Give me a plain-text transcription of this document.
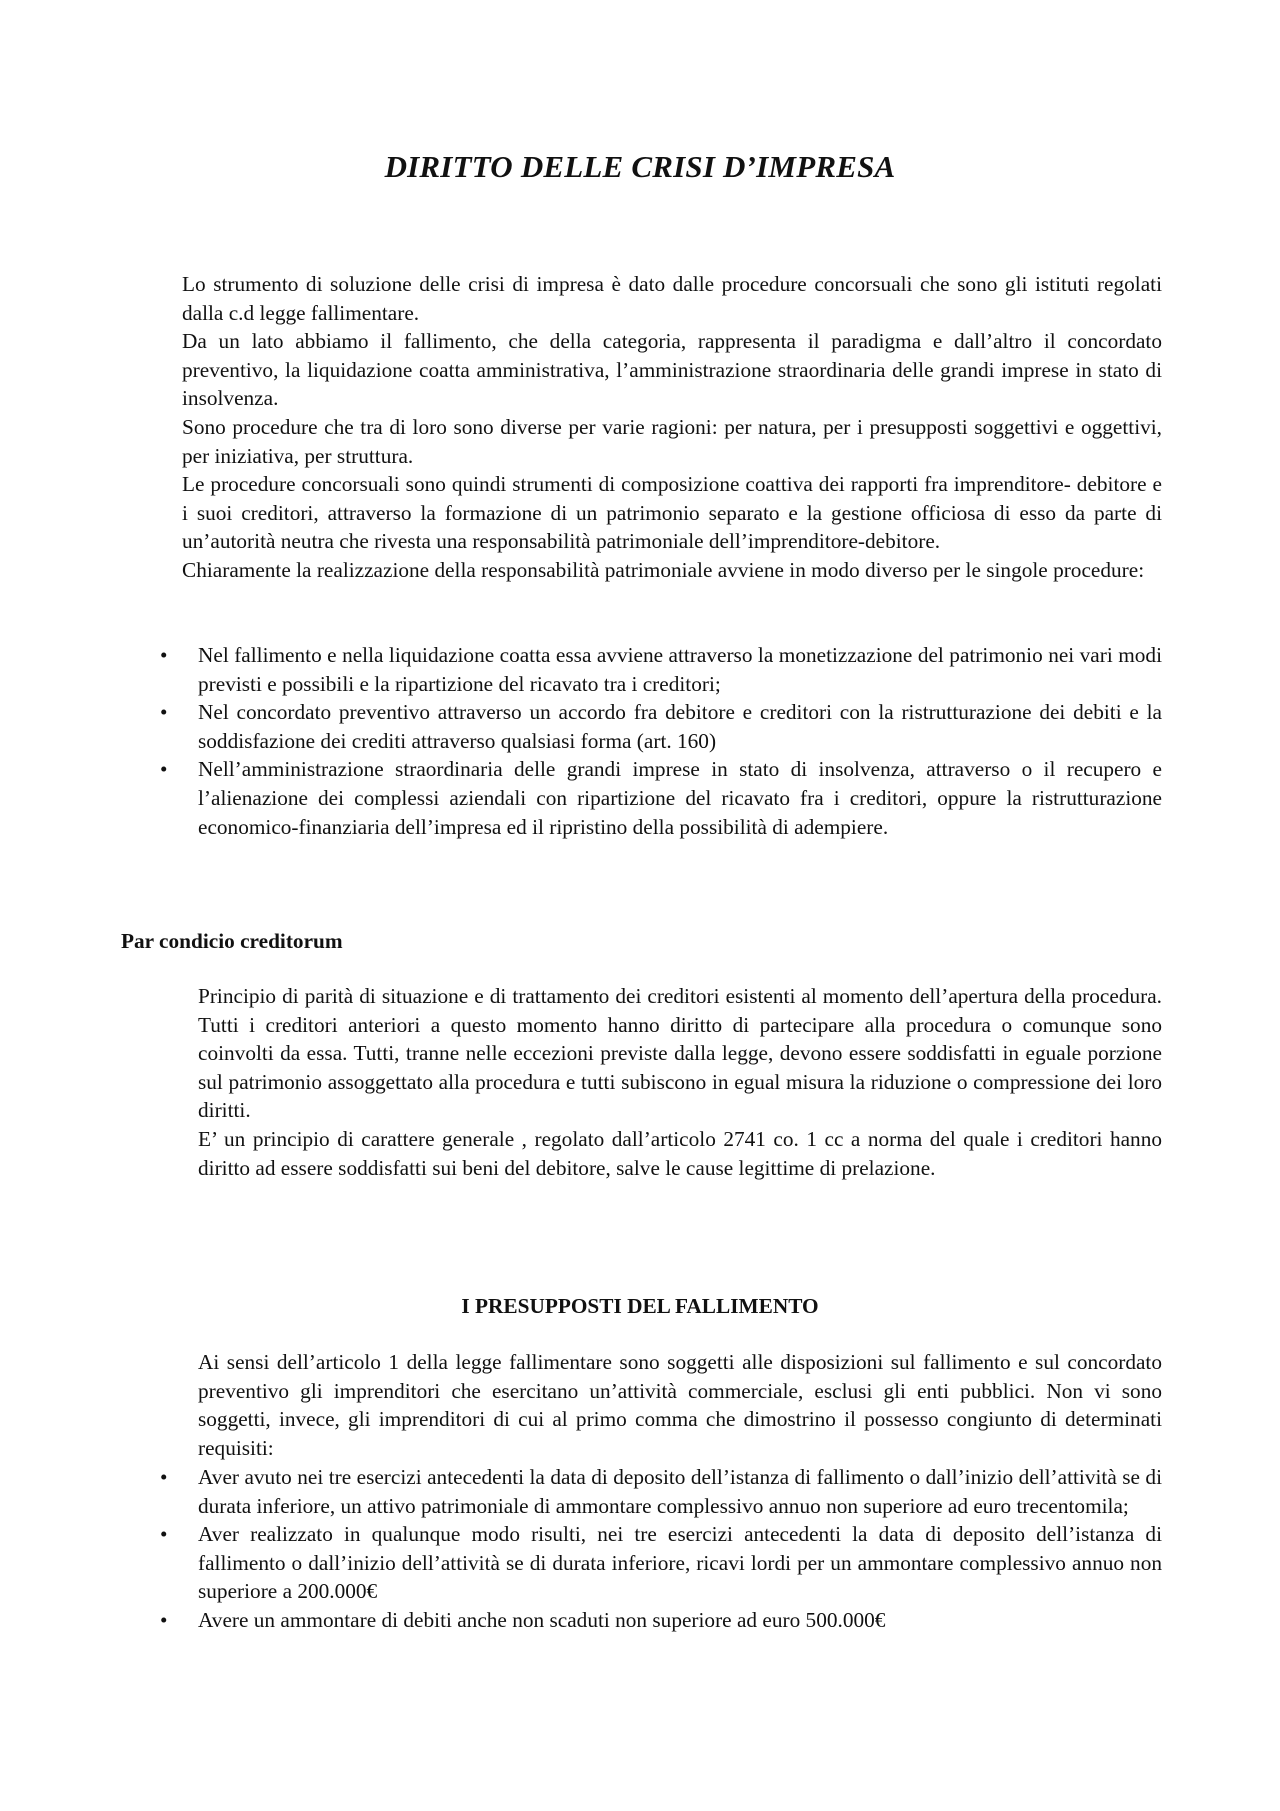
DIRITTO DELLE CRISI D’IMPRESA

Lo strumento di soluzione delle crisi di impresa è dato dalle procedure concorsuali che sono gli istituti regolati dalla c.d legge fallimentare.

Da un lato abbiamo il fallimento, che della categoria, rappresenta il paradigma e dall’altro il concordato preventivo, la liquidazione coatta amministrativa, l’amministrazione straordinaria delle grandi imprese in stato di insolvenza.

Sono procedure che tra di loro sono diverse per varie ragioni: per natura, per i presupposti soggettivi e oggettivi, per iniziativa, per struttura.

Le procedure concorsuali sono quindi strumenti di composizione coattiva dei rapporti fra imprenditore- debitore e i suoi creditori, attraverso la formazione di un patrimonio separato e la gestione officiosa di esso da parte di un’autorità neutra che rivesta una responsabilità patrimoniale dell’imprenditore-debitore.

Chiaramente la realizzazione della responsabilità patrimoniale avviene in modo diverso per le singole procedure:

• Nel fallimento e nella liquidazione coatta essa avviene attraverso la monetizzazione del patrimonio nei vari modi previsti e possibili e la ripartizione del ricavato tra i creditori;
• Nel concordato preventivo attraverso un accordo fra debitore e creditori con la ristrutturazione dei debiti e la soddisfazione dei crediti attraverso qualsiasi forma (art. 160)
• Nell’amministrazione straordinaria delle grandi imprese in stato di insolvenza, attraverso o il recupero e l’alienazione dei complessi aziendali con ripartizione del ricavato fra i creditori, oppure la ristrutturazione economico-finanziaria dell’impresa ed il ripristino della possibilità di adempiere.
Par condicio creditorum

Principio di parità di situazione e di trattamento dei creditori esistenti al momento dell’apertura della procedura. Tutti i creditori anteriori a questo momento hanno diritto di partecipare alla procedura o comunque sono coinvolti da essa. Tutti, tranne nelle eccezioni previste dalla legge, devono essere soddisfatti in eguale porzione sul patrimonio assoggettato alla procedura e tutti subiscono in egual misura la riduzione o compressione dei loro diritti.

E’ un principio di carattere generale , regolato dall’articolo 2741 co. 1 cc a norma del quale i creditori hanno diritto ad essere soddisfatti sui beni del debitore, salve le cause legittime di prelazione.

I PRESUPPOSTI DEL FALLIMENTO

Ai sensi dell’articolo 1 della legge fallimentare sono soggetti alle disposizioni sul fallimento e sul concordato preventivo gli imprenditori che esercitano un’attività commerciale, esclusi gli enti pubblici. Non vi sono soggetti, invece, gli imprenditori di cui al primo comma che dimostrino il possesso congiunto di determinati requisiti:

• Aver avuto nei tre esercizi antecedenti la data di deposito dell’istanza di fallimento o dall’inizio dell’attività se di durata inferiore, un attivo patrimoniale di ammontare complessivo annuo non superiore ad euro trecentomila;
• Aver realizzato in qualunque modo risulti, nei tre esercizi antecedenti la data di deposito dell’istanza di fallimento o dall’inizio dell’attività se di durata inferiore, ricavi lordi per un ammontare complessivo annuo non superiore a 200.000€
• Avere un ammontare di debiti anche non scaduti non superiore ad euro 500.000€
